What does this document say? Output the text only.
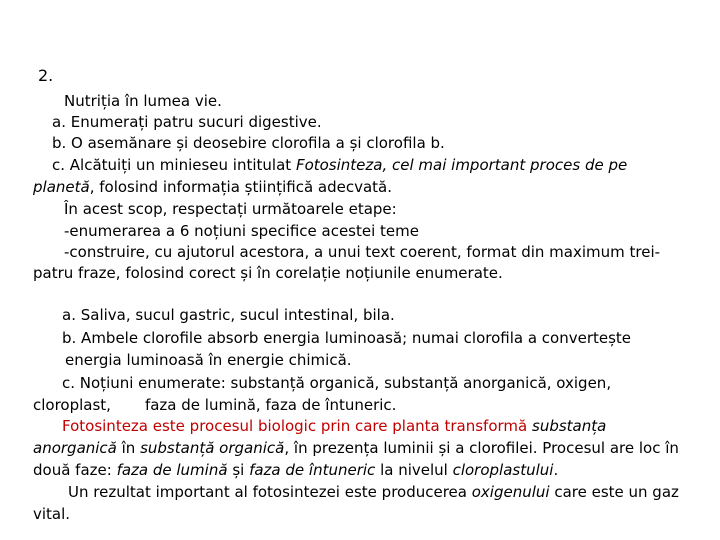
2.
Nutriția în lumea vie.
a. Enumerați patru sucuri digestive.
b. O asemănare și deosebire clorofila a și clorofila b.
c. Alcătuiți un minieseu intitulat Fotosinteza, cel mai important proces de pe
planetă, folosind informația științifică adecvată.
În acest scop, respectați următoarele etape:
-enumerarea a 6 noțiuni specifice acestei teme
-construire, cu ajutorul acestora, a unui text coerent, format din maximum trei-
patru fraze, folosind corect și în corelație noțiunile enumerate.
a. Saliva, sucul gastric, sucul intestinal, bila.
b. Ambele clorofile absorb energia luminoasă; numai clorofila a convertește
energia luminoasă în energie chimică.
c. Noțiuni enumerate: substanță organică, substanță anorganică, oxigen,
cloroplast, faza de lumină, faza de întuneric.
Fotosinteza este procesul biologic prin care planta transformă substanța
anorganică în substanță organică, în prezența luminii și a clorofilei. Procesul are loc în
două faze: faza de lumină și faza de întuneric la nivelul cloroplastului.
Un rezultat important al fotosintezei este producerea oxigenului care este un gaz
vital.
